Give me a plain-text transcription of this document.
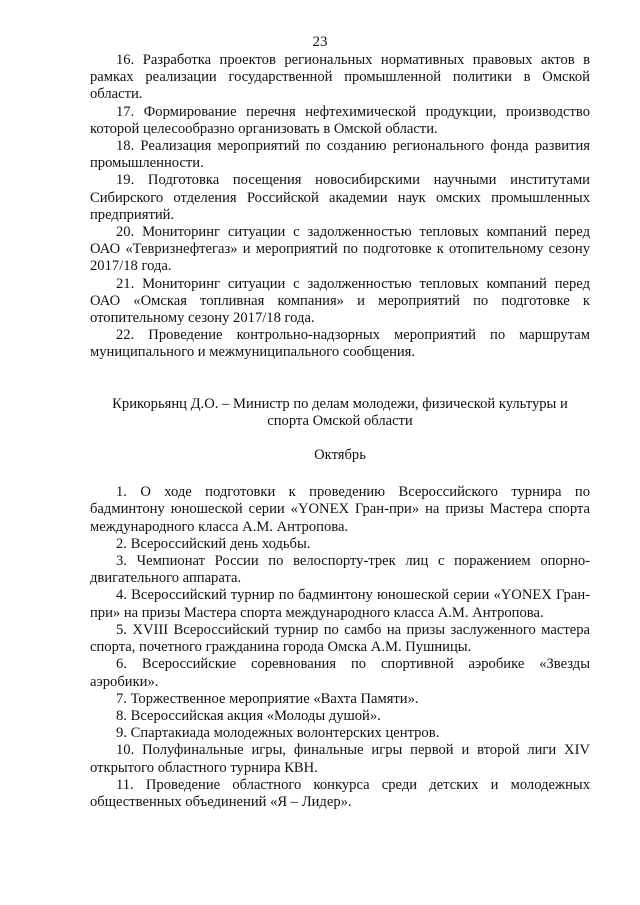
23

16. Разработка проектов региональных нормативных правовых актов в рамках реализации государственной промышленной политики в Омской области.

17. Формирование перечня нефтехимической продукции, производство которой целесообразно организовать в Омской области.

18. Реализация мероприятий по созданию регионального фонда развития промышленности.

19. Подготовка посещения новосибирскими научными институтами Сибирского отделения Российской академии наук омских промышленных предприятий.

20. Мониторинг ситуации с задолженностью тепловых компаний перед ОАО «Тевризнефтегаз» и мероприятий по подготовке к отопительному сезону 2017/18 года.

21. Мониторинг ситуации с задолженностью тепловых компаний перед ОАО «Омская топливная компания» и мероприятий по подготовке к отопительному сезону 2017/18 года.

22. Проведение контрольно-надзорных мероприятий по маршрутам муниципального и межмуниципального сообщения.

Крикорьянц Д.О. – Министр по делам молодежи, физической культуры и спорта Омской области

Октябрь

1. О ходе подготовки к проведению Всероссийского турнира по бадминтону юношеской серии «YONEX Гран-при» на призы Мастера спорта международного класса А.М. Антропова.

2. Всероссийский день ходьбы.

3. Чемпионат России по велоспорту-трек лиц с поражением опорно-двигательного аппарата.

4. Всероссийский турнир по бадминтону юношеской серии «YONEX Гран-при» на призы Мастера спорта международного класса А.М. Антропова.

5. XVIII Всероссийский турнир по самбо на призы заслуженного мастера спорта, почетного гражданина города Омска А.М. Пушницы.

6. Всероссийские соревнования по спортивной аэробике «Звезды аэробики».

7. Торжественное мероприятие «Вахта Памяти».

8. Всероссийская акция «Молоды душой».

9. Спартакиада молодежных волонтерских центров.

10. Полуфинальные игры, финальные игры первой и второй лиги XIV открытого областного турнира КВН.

11. Проведение областного конкурса среди детских и молодежных общественных объединений «Я – Лидер».
